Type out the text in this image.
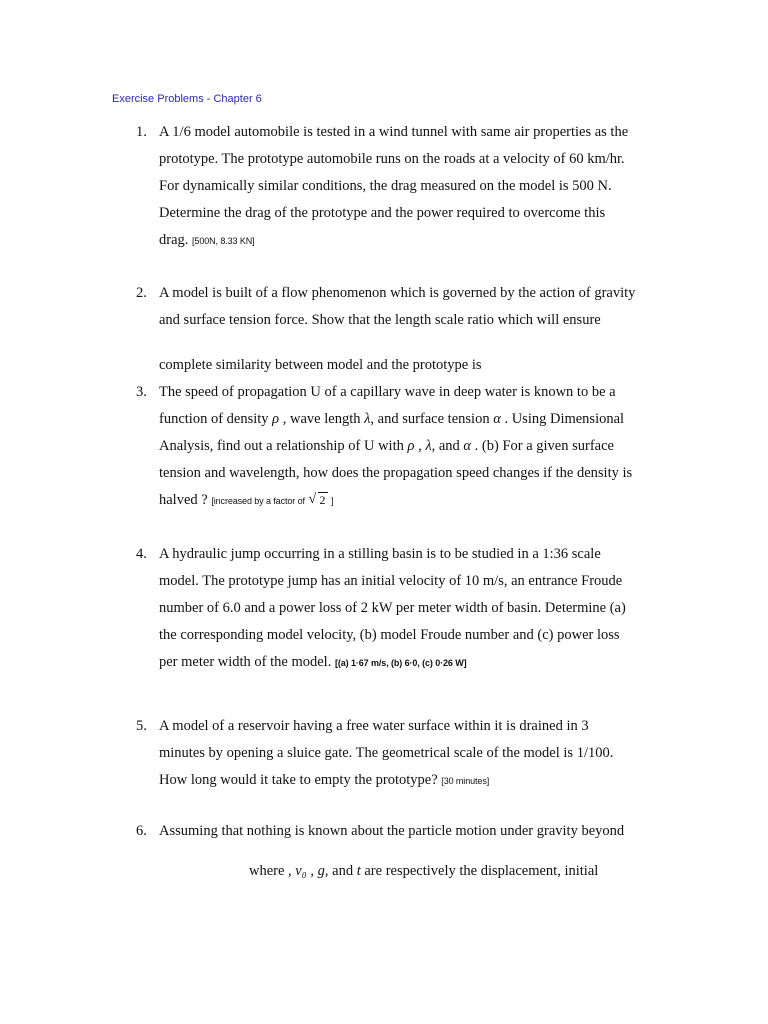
Exercise Problems - Chapter 6
1. A 1/6 model automobile is tested in a wind tunnel with same air properties as the
prototype. The prototype automobile runs on the roads at a velocity of 60 km/hr.
For dynamically similar conditions, the drag measured on the model is 500 N.
Determine the drag of the prototype and the power required to overcome this
drag. [500N, 8.33 KN]
2. A model is built of a flow phenomenon which is governed by the action of gravity
and surface tension force. Show that the length scale ratio which will ensure
complete similarity between model and the prototype is
3. The speed of propagation U of a capillary wave in deep water is known to be a
function of density ρ , wave length λ, and surface tension α . Using Dimensional
Analysis, find out a relationship of U with ρ , λ, and α . (b) For a given surface
tension and wavelength, how does the propagation speed changes if the density is
halved ? [increased by a factor of √ 2 ]
4. A hydraulic jump occurring in a stilling basin is to be studied in a 1:36 scale
model. The prototype jump has an initial velocity of 10 m/s, an entrance Froude
number of 6.0 and a power loss of 2 kW per meter width of basin. Determine (a)
the corresponding model velocity, (b) model Froude number and (c) power loss
per meter width of the model. [(a) 1·67 m/s, (b) 6·0, (c) 0·26 W]
5. A model of a reservoir having a free water surface within it is drained in 3
minutes by opening a sluice gate. The geometrical scale of the model is 1/100.
How long would it take to empty the prototype? [30 minutes]
6. Assuming that nothing is known about the particle motion under gravity beyond
where , v₀ , g, and t are respectively the displacement, initial
